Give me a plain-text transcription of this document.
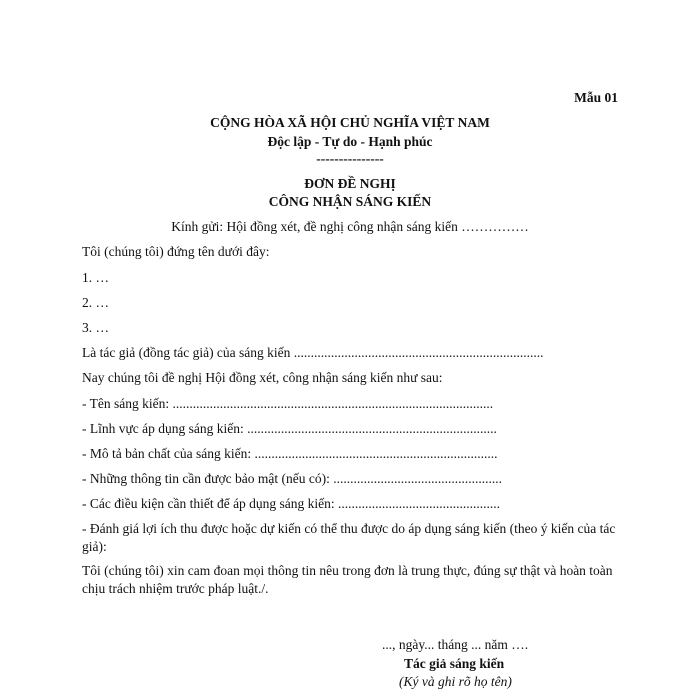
Mẫu 01
CỘNG HÒA XÃ HỘI CHỦ NGHĨA VIỆT NAM
Độc lập - Tự do - Hạnh phúc
---------------
ĐƠN ĐỀ NGHỊ
CÔNG NHẬN SÁNG KIẾN
Kính gửi: Hội đồng xét, đề nghị công nhận sáng kiến ……………
Tôi (chúng tôi) đứng tên dưới đây:
1. …
2. …
3. …
Là tác giả (đồng tác giả) của sáng kiến ..........................................................................
Nay chúng tôi đề nghị Hội đồng xét, công nhận sáng kiến như sau:
- Tên sáng kiến: ...............................................................................................
- Lĩnh vực áp dụng sáng kiến: ..........................................................................
- Mô tả bản chất của sáng kiến: ........................................................................
- Những thông tin cần được bảo mật (nếu có): ..................................................
- Các điều kiện cần thiết để áp dụng sáng kiến: ................................................
- Đánh giá lợi ích thu được hoặc dự kiến có thể thu được do áp dụng sáng kiến (theo ý kiến của tác giả):
Tôi (chúng tôi) xin cam đoan mọi thông tin nêu trong đơn là trung thực, đúng sự thật và hoàn toàn chịu trách nhiệm trước pháp luật./.
..., ngày... tháng ... năm ….
Tác giả sáng kiến
(Ký và ghi rõ họ tên)
